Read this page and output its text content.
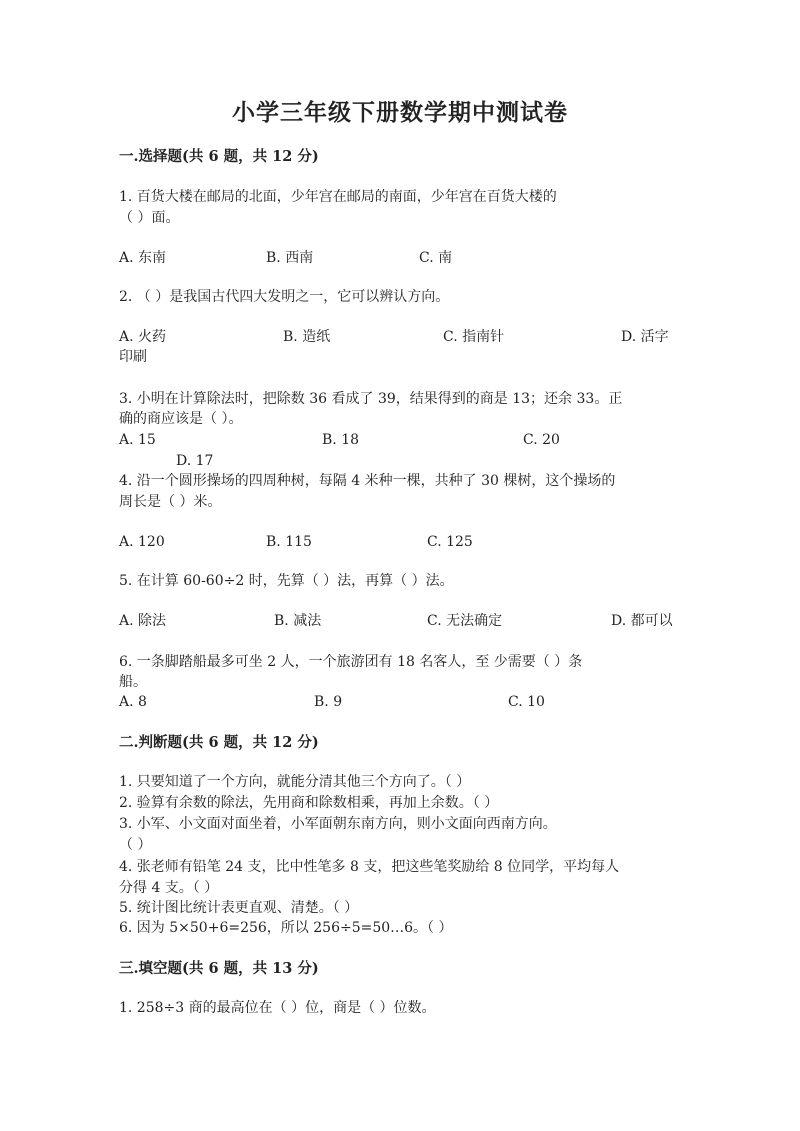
小学三年级下册数学期中测试卷
一.选择题(共 6 题，共 12 分)
1. 百货大楼在邮局的北面，少年宫在邮局的南面，少年宫在百货大楼的
（ ）面。
A. 东南	B. 西南	C. 南
2. （ ）是我国古代四大发明之一，它可以辨认方向。
A. 火药	B. 造纸	C. 指南针	D. 活字
印刷
3. 小明在计算除法时，把除数 36 看成了 39，结果得到的商是 13；还余 33。正
确的商应该是（ ）。
A. 15	B. 18	C. 20
D. 17
4. 沿一个圆形操场的四周种树，每隔 4 米种一棵，共种了 30 棵树，这个操场的
周长是（ ）米。
A. 120	B. 115	C. 125
5. 在计算 60-60÷2 时，先算（ ）法，再算（ ）法。
A. 除法	B. 减法	C. 无法确定	D. 都可以
6. 一条脚踏船最多可坐 2 人，一个旅游团有 18 名客人，至 少需要（ ）条
船。
A. 8	B. 9	C. 10
二.判断题(共 6 题，共 12 分)
1. 只要知道了一个方向，就能分清其他三个方向了。（ ）
2. 验算有余数的除法，先用商和除数相乘，再加上余数。（ ）
3. 小军、小文面对面坐着，小军面朝东南方向，则小文面向西南方向。
（ ）
4. 张老师有铅笔 24 支，比中性笔多 8 支，把这些笔奖励给 8 位同学，平均每人
分得 4 支。（ ）
5. 统计图比统计表更直观、清楚。（ ）
6. 因为 5×50+6=256，所以 256÷5=50…6。（ ）
三.填空题(共 6 题，共 13 分)
1. 258÷3 商的最高位在（ ）位，商是（ ）位数。
